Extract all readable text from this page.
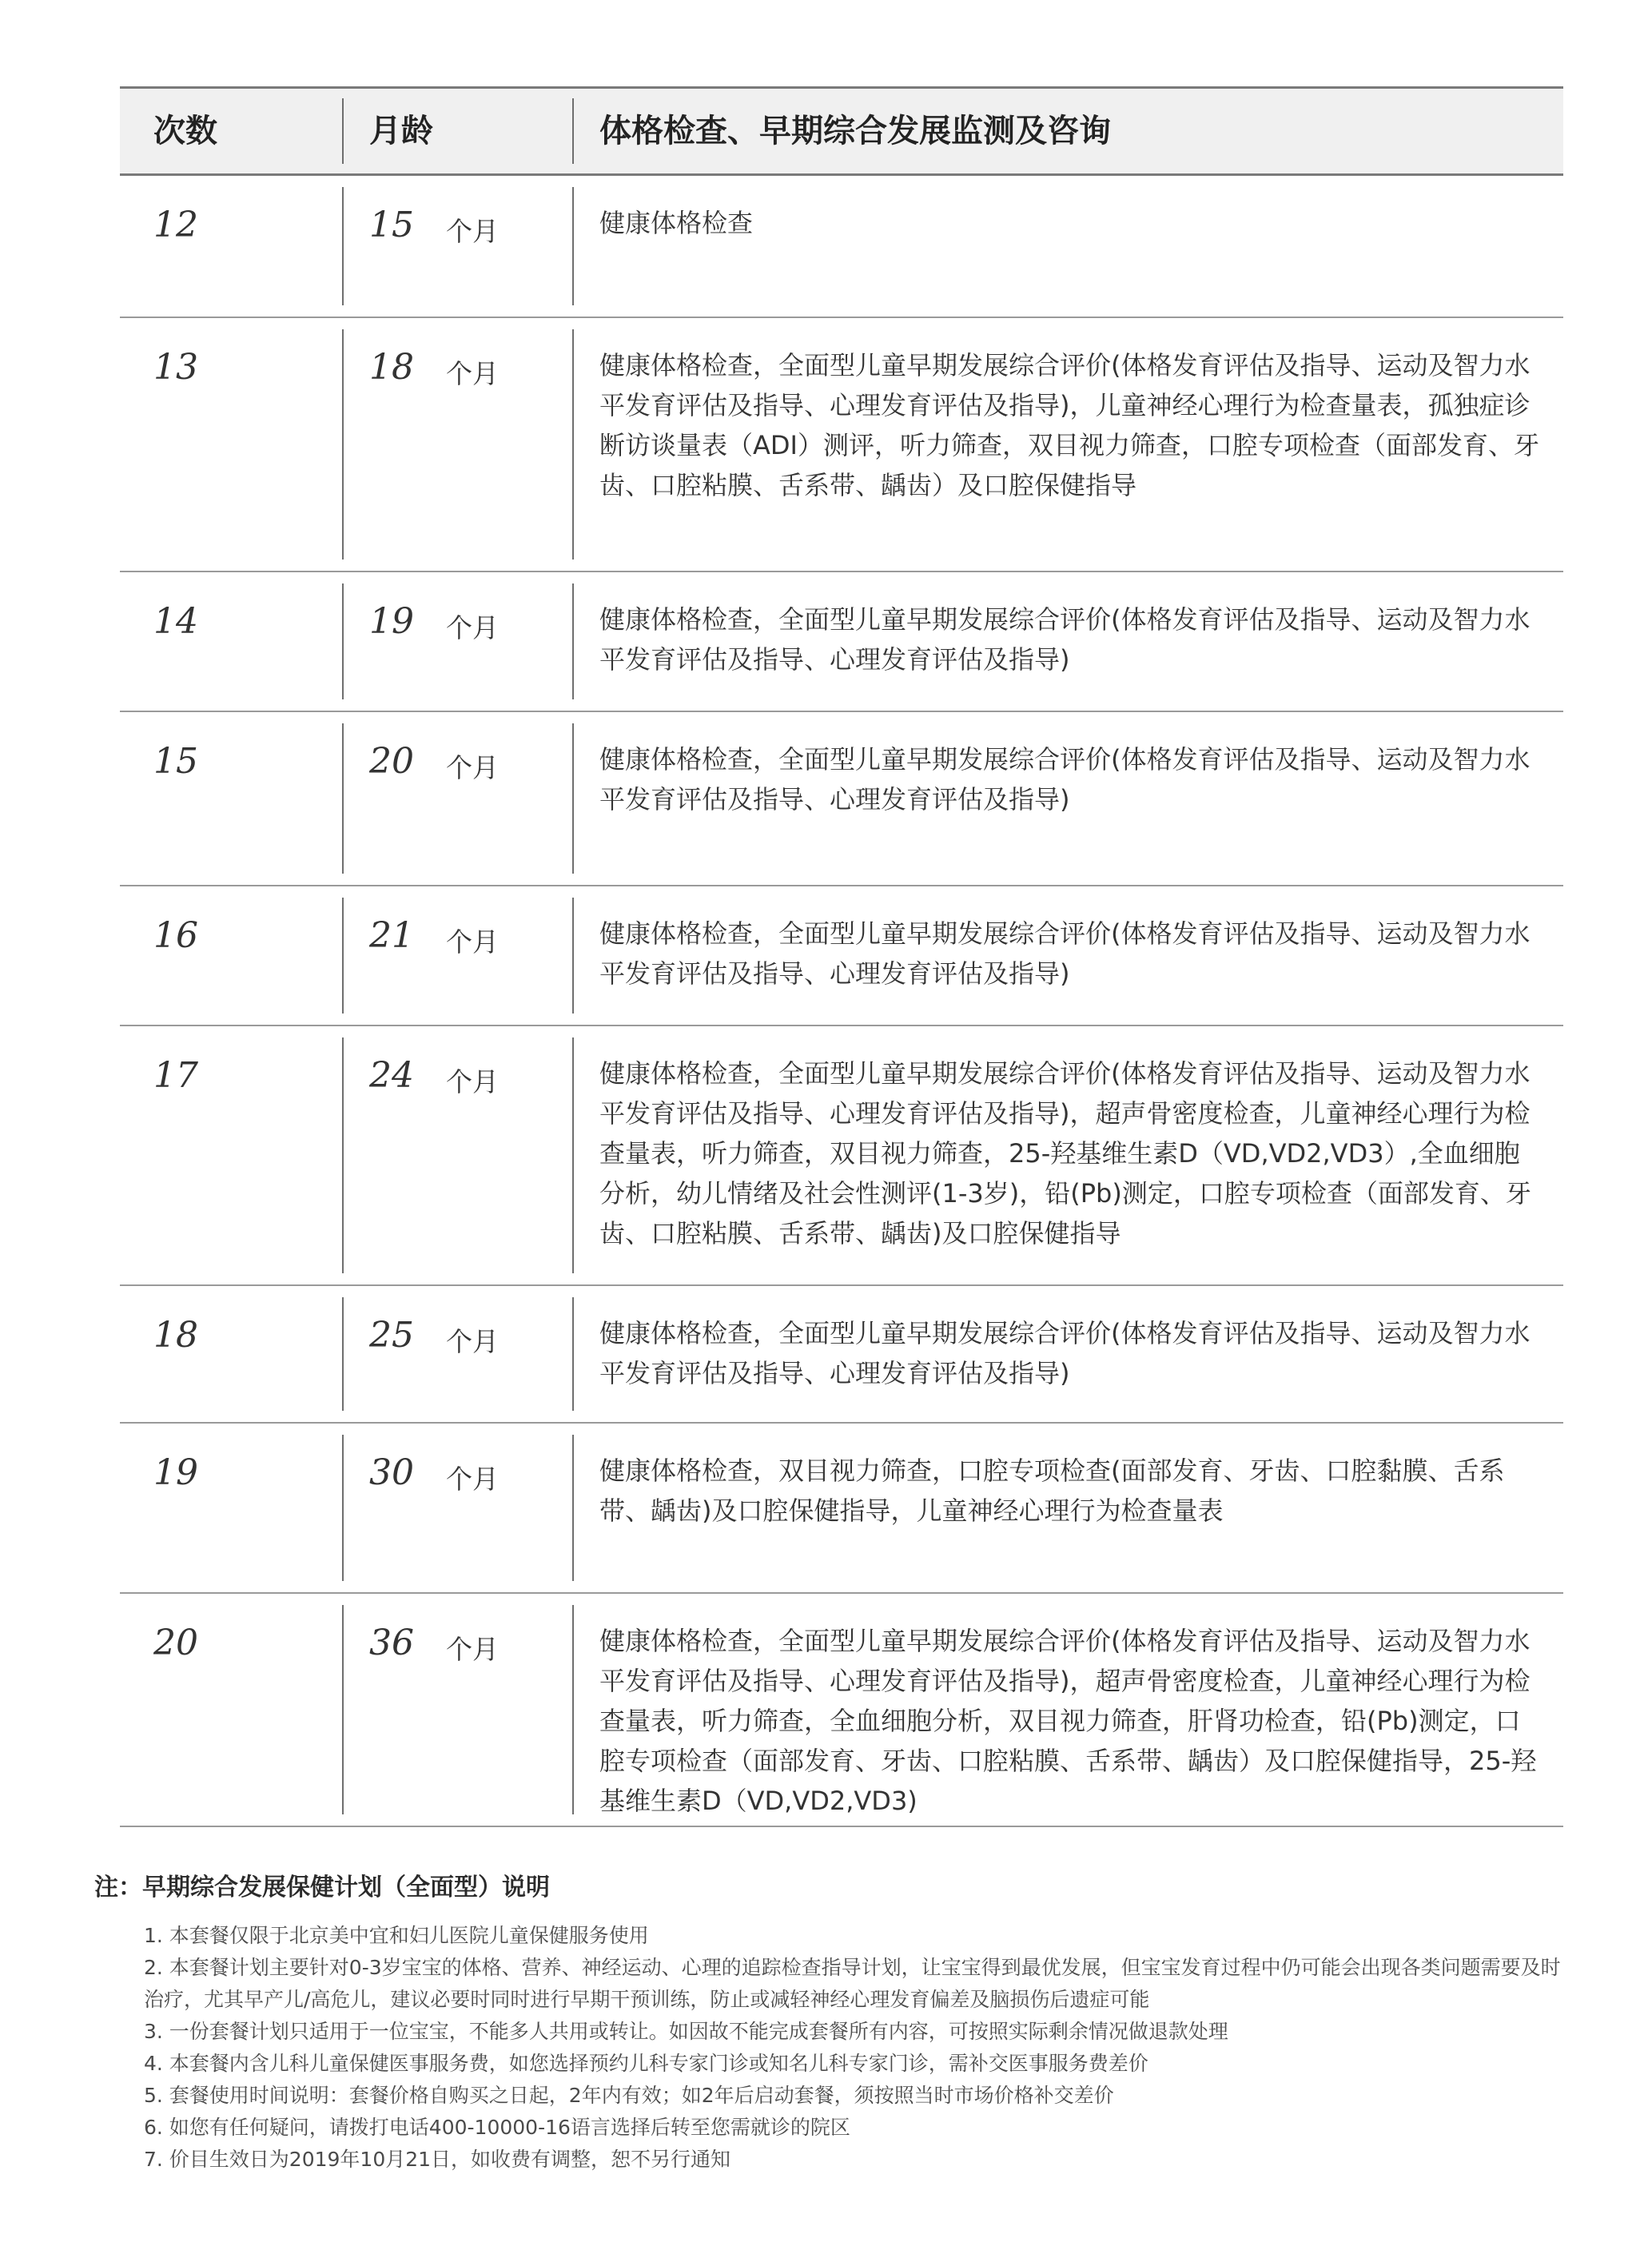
次数	月龄	体格检查、早期综合发展监测及咨询
12	15 个月	健康体格检查
13	18 个月	健康体格检查，全面型儿童早期发展综合评价(体格发育评估及指导、运动及智力水平发育评估及指导、心理发育评估及指导)，儿童神经心理行为检查量表，孤独症诊断访谈量表（ADI）测评，听力筛查，双目视力筛查，口腔专项检查（面部发育、牙齿、口腔粘膜、舌系带、龋齿）及口腔保健指导
14	19 个月	健康体格检查，全面型儿童早期发展综合评价(体格发育评估及指导、运动及智力水平发育评估及指导、心理发育评估及指导)
15	20 个月	健康体格检查，全面型儿童早期发展综合评价(体格发育评估及指导、运动及智力水平发育评估及指导、心理发育评估及指导)
16	21 个月	健康体格检查，全面型儿童早期发展综合评价(体格发育评估及指导、运动及智力水平发育评估及指导、心理发育评估及指导)
17	24 个月	健康体格检查，全面型儿童早期发展综合评价(体格发育评估及指导、运动及智力水平发育评估及指导、心理发育评估及指导)，超声骨密度检查，儿童神经心理行为检查量表，听力筛查，双目视力筛查，25-羟基维生素D（VD,VD2,VD3）,全血细胞分析，幼儿情绪及社会性测评(1-3岁)，铅(Pb)测定，口腔专项检查（面部发育、牙齿、口腔粘膜、舌系带、龋齿)及口腔保健指导
18	25 个月	健康体格检查，全面型儿童早期发展综合评价(体格发育评估及指导、运动及智力水平发育评估及指导、心理发育评估及指导)
19	30 个月	健康体格检查，双目视力筛查，口腔专项检查(面部发育、牙齿、口腔黏膜、舌系带、龋齿)及口腔保健指导，儿童神经心理行为检查量表
20	36 个月	健康体格检查，全面型儿童早期发展综合评价(体格发育评估及指导、运动及智力水平发育评估及指导、心理发育评估及指导)，超声骨密度检查，儿童神经心理行为检查量表，听力筛查，全血细胞分析，双目视力筛查，肝肾功检查，铅(Pb)测定，口腔专项检查（面部发育、牙齿、口腔粘膜、舌系带、龋齿）及口腔保健指导，25-羟基维生素D（VD,VD2,VD3)
注：早期综合发展保健计划（全面型）说明
1. 本套餐仅限于北京美中宜和妇儿医院儿童保健服务使用
2. 本套餐计划主要针对0-3岁宝宝的体格、营养、神经运动、心理的追踪检查指导计划，让宝宝得到最优发展，但宝宝发育过程中仍可能会出现各类问题需要及时治疗，尤其早产儿/高危儿，建议必要时同时进行早期干预训练，防止或减轻神经心理发育偏差及脑损伤后遗症可能
3. 一份套餐计划只适用于一位宝宝，不能多人共用或转让。如因故不能完成套餐所有内容，可按照实际剩余情况做退款处理
4. 本套餐内含儿科儿童保健医事服务费，如您选择预约儿科专家门诊或知名儿科专家门诊，需补交医事服务费差价
5. 套餐使用时间说明：套餐价格自购买之日起，2年内有效；如2年后启动套餐，须按照当时市场价格补交差价
6. 如您有任何疑问，请拨打电话400-10000-16语言选择后转至您需就诊的院区
7. 价目生效日为2019年10月21日，如收费有调整，恕不另行通知
